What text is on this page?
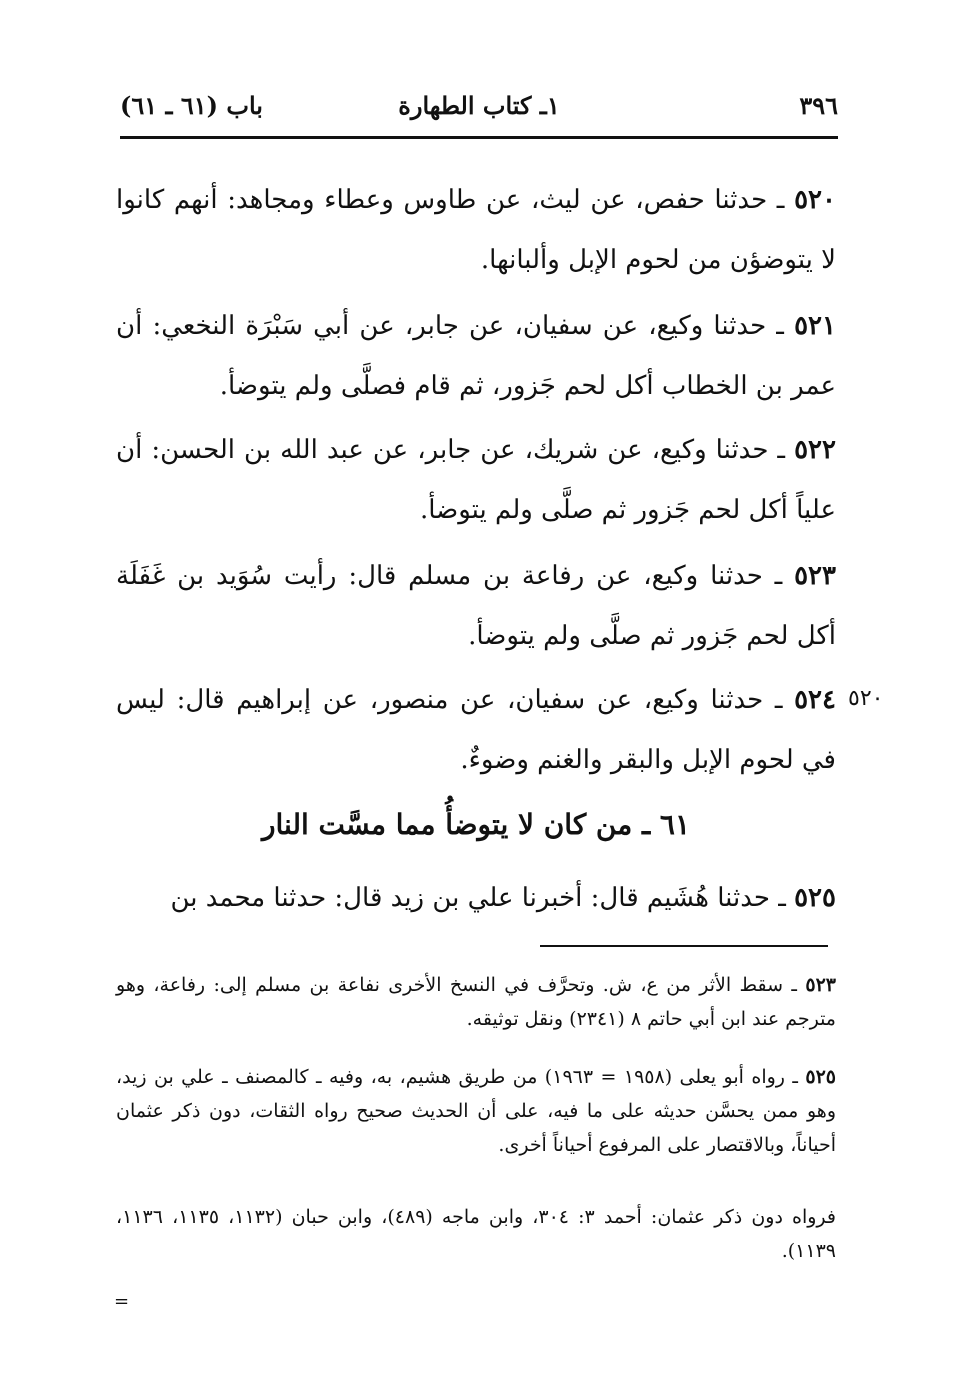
٣٩٦
١ـ كتاب الطهارة
باب (٦١ ـ ٦١)

٥٢٠ ـ حدثنا حفص، عن ليث، عن طاوس وعطاء ومجاهد: أنهم كانوا لا يتوضؤن من لحوم الإبل وألبانها.

٥٢١ ـ حدثنا وكيع، عن سفيان، عن جابر، عن أبي سَبْرَة النخعي: أن عمر بن الخطاب أكل لحم جَزور، ثم قام فصلَّى ولم يتوضأ.

٥٢٢ ـ حدثنا وكيع، عن شريك، عن جابر، عن عبد الله بن الحسن: أن علياً أكل لحم جَزور ثم صلَّى ولم يتوضأ.

٥٢٣ ـ حدثنا وكيع، عن رفاعة بن مسلم قال: رأيت سُوَيد بن غَفَلَة أكل لحم جَزور ثم صلَّى ولم يتوضأ.

٥٢٤ ـ حدثنا وكيع، عن سفيان، عن منصور، عن إبراهيم قال: ليس في لحوم الإبل والبقر والغنم وضوءٌ.

٥٢٥ ـ حدثنا هُشَيم قال: أخبرنا علي بن زيد قال: حدثنا محمد بن

٥٢٠
٦١ ـ من كان لا يتوضأُ مما مسَّت النار

٥٢٣ ـ سقط الأثر من ع، ش. وتحرَّف في النسخ الأخرى نفاعة بن مسلم إلى: رفاعة، وهو مترجم عند ابن أبي حاتم ٨ (٢٣٤١) ونقل توثيقه.

٥٢٥ ـ رواه أبو يعلى (١٩٥٨ = ١٩٦٣) من طريق هشيم، به، وفيه ـ كالمصنف ـ علي بن زيد، وهو ممن يحسَّن حديثه على ما فيه، على أن الحديث صحيح رواه الثقات، دون ذكر عثمان أحياناً، وبالاقتصار على المرفوع أحياناً أخرى.

فرواه دون ذكر عثمان: أحمد ٣: ٣٠٤، وابن ماجه (٤٨٩)، وابن حبان (١١٣٢، ١١٣٥، ١١٣٦، ١١٣٩).

=
